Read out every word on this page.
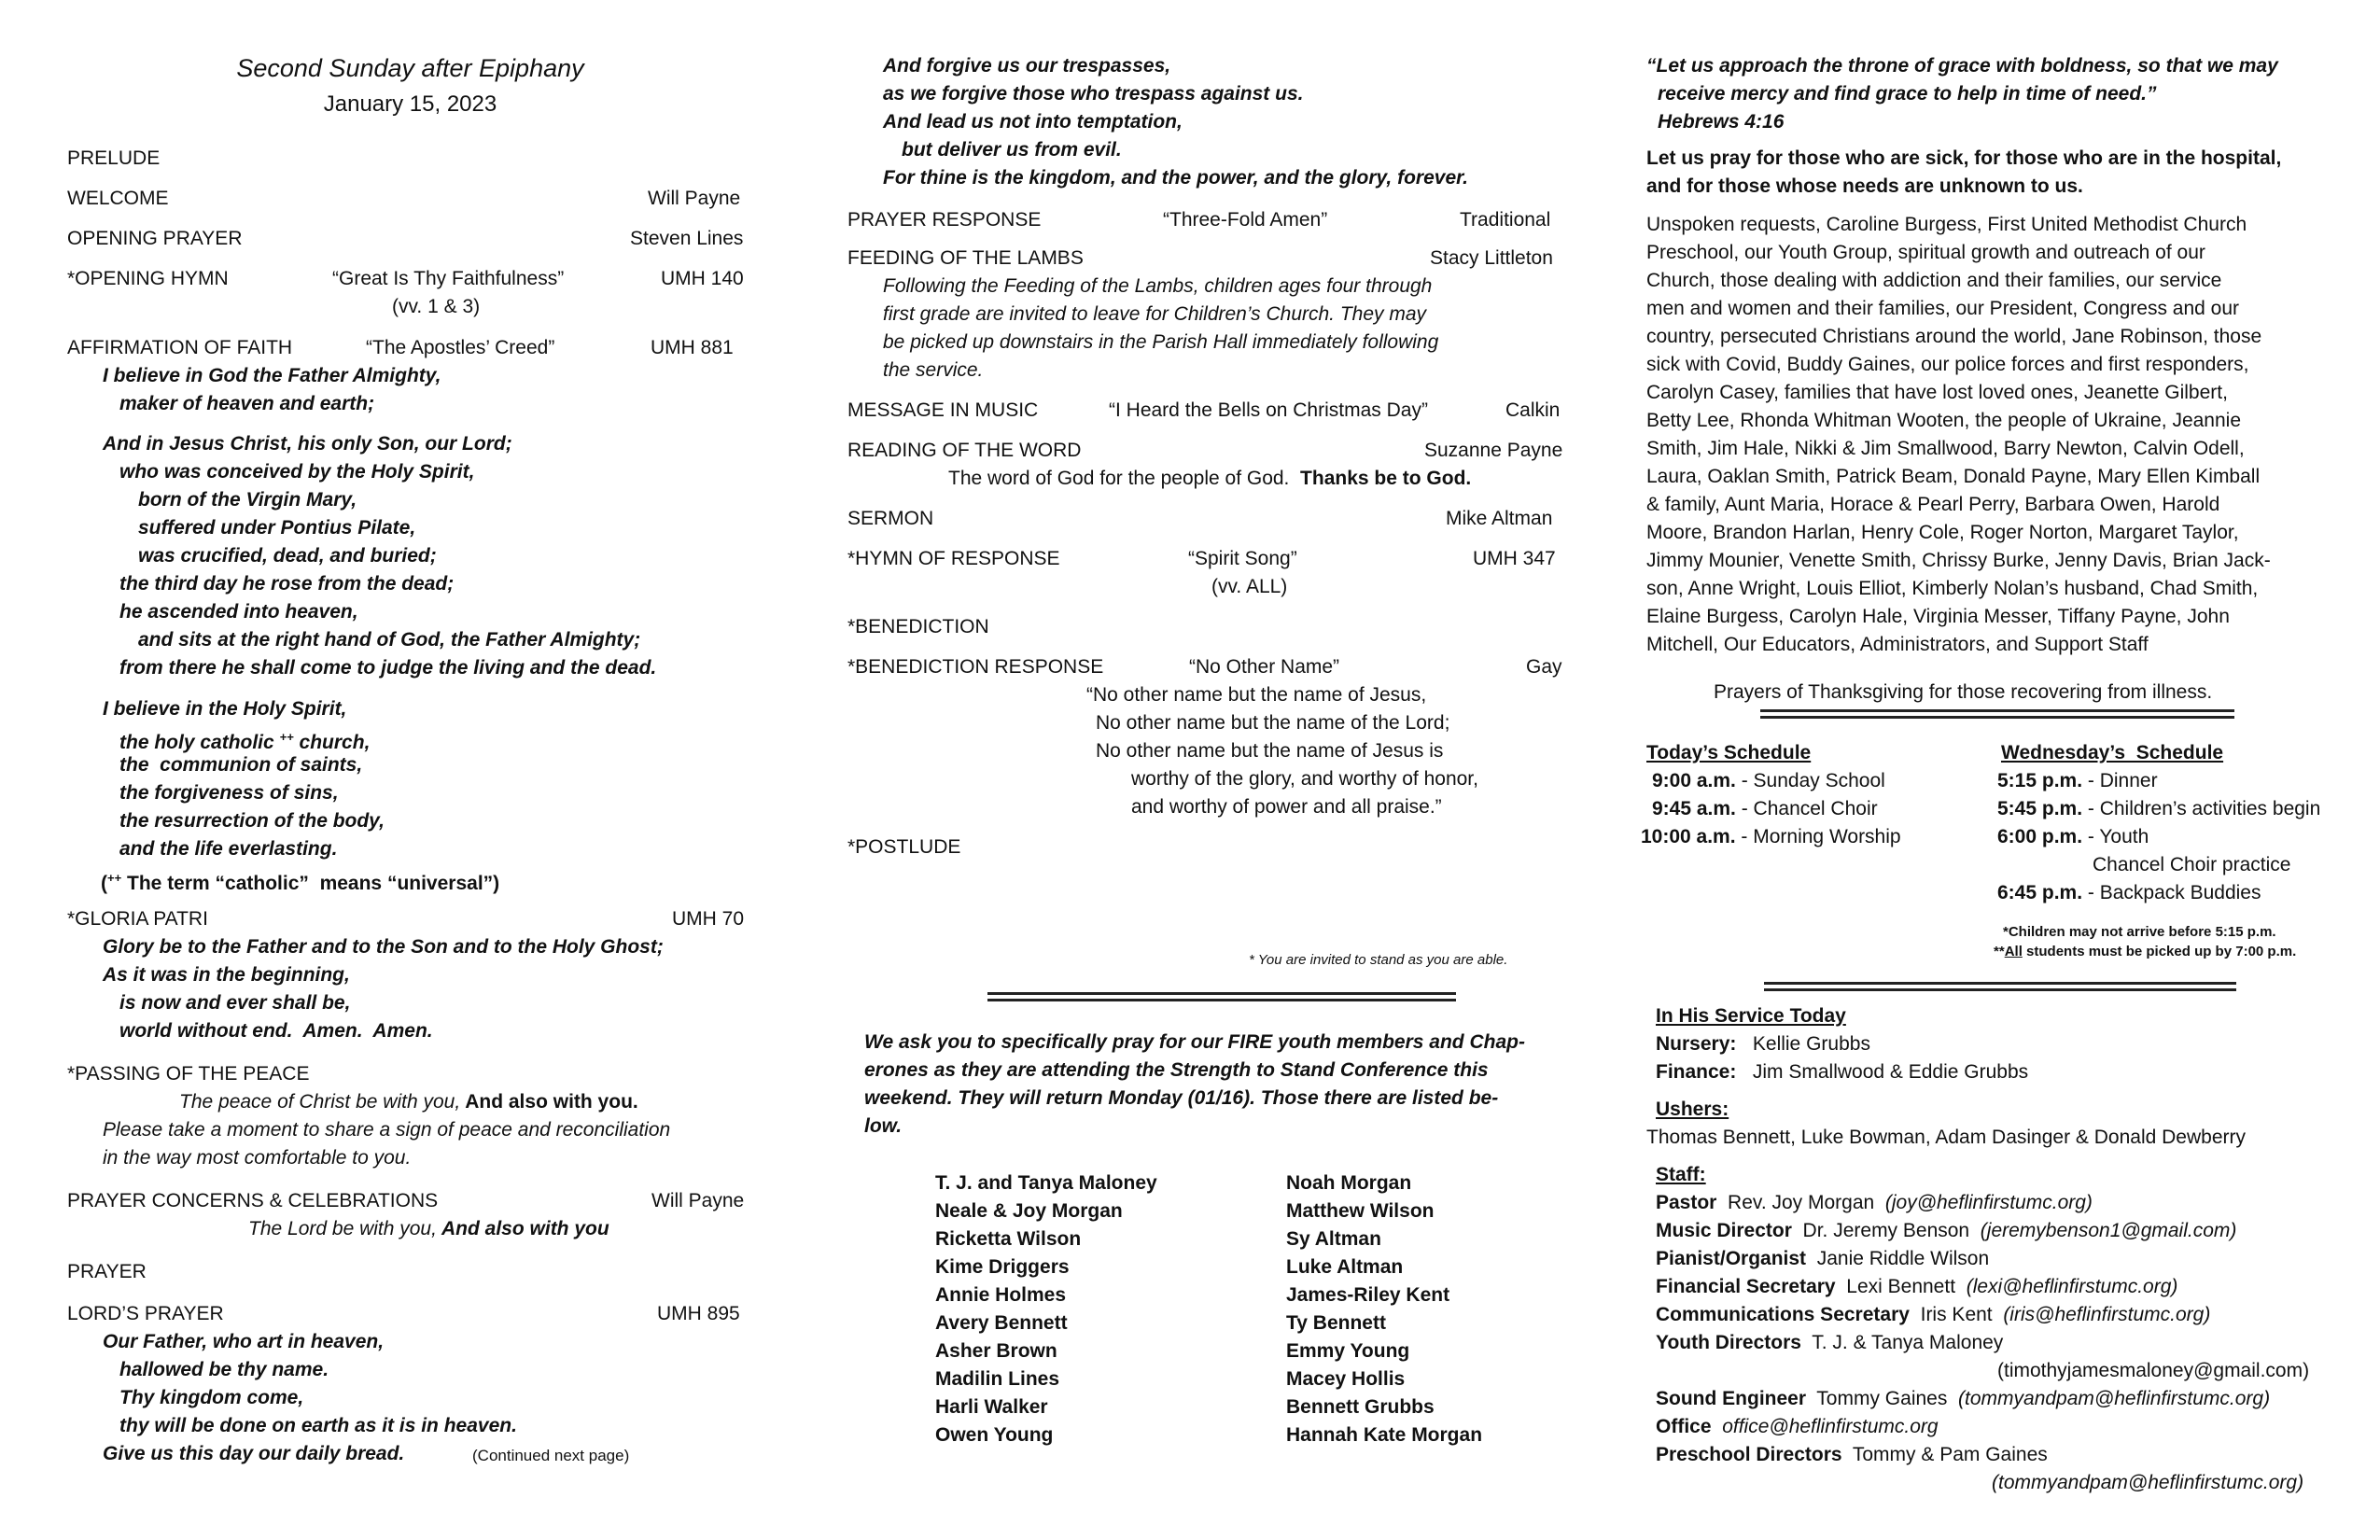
Second Sunday after Epiphany
January 15, 2023
PRELUDE
WELCOME	Will Payne
OPENING PRAYER	Steven Lines
*OPENING HYMN	“Great Is Thy Faithfulness”	UMH 140
(vv. 1 & 3)
AFFIRMATION OF FAITH	“The Apostles’ Creed”	UMH 881
I believe in God the Father Almighty,
maker of heaven and earth;
And in Jesus Christ, his only Son, our Lord;
who was conceived by the Holy Spirit,
born of the Virgin Mary,
suffered under Pontius Pilate,
was crucified, dead, and buried;
the third day he rose from the dead;
he ascended into heaven,
and sits at the right hand of God, the Father Almighty;
from there he shall come to judge the living and the dead.
I believe in the Holy Spirit,
the holy catholic ++ church,
the  communion of saints,
the forgiveness of sins,
the resurrection of the body,
and the life everlasting.
(++ The term “catholic”  means “universal”)
*GLORIA PATRI	UMH 70
Glory be to the Father and to the Son and to the Holy Ghost;
As it was in the beginning,
is now and ever shall be,
world without end.  Amen.  Amen.
*PASSING OF THE PEACE
The peace of Christ be with you, And also with you.
Please take a moment to share a sign of peace and reconciliation
in the way most comfortable to you.
PRAYER CONCERNS & CELEBRATIONS	Will Payne
The Lord be with you, And also with you
PRAYER
LORD’S PRAYER	UMH 895
Our Father, who art in heaven,
hallowed be thy name.
Thy kingdom come,
thy will be done on earth as it is in heaven.
Give us this day our daily bread.	(Continued next page)
And forgive us our trespasses,
as we forgive those who trespass against us.
And lead us not into temptation,
but deliver us from evil.
For thine is the kingdom, and the power, and the glory, forever.
PRAYER RESPONSE	“Three-Fold Amen”	Traditional
FEEDING OF THE LAMBS	Stacy Littleton
Following the Feeding of the Lambs, children ages four through
first grade are invited to leave for Children’s Church. They may
be picked up downstairs in the Parish Hall immediately following
the service.
MESSAGE IN MUSIC	“I Heard the Bells on Christmas Day”	Calkin
READING OF THE WORD	Suzanne Payne
The word of God for the people of God.  Thanks be to God.
SERMON	Mike Altman
*HYMN OF RESPONSE	“Spirit Song”	UMH 347
(vv. ALL)
*BENEDICTION
*BENEDICTION RESPONSE	“No Other Name”	Gay
“No other name but the name of Jesus,
No other name but the name of the Lord;
No other name but the name of Jesus is
worthy of the glory, and worthy of honor,
and worthy of power and all praise.”
*POSTLUDE
* You are invited to stand as you are able.
We ask you to specifically pray for our FIRE youth members and Chap-
erones as they are attending the Strength to Stand Conference this
weekend. They will return Monday (01/16). Those there are listed be-
low.
T. J. and Tanya Maloney
Neale & Joy Morgan
Ricketta Wilson
Kime Driggers
Annie Holmes
Avery Bennett
Asher Brown
Madilin Lines
Harli Walker
Owen Young
Noah Morgan
Matthew Wilson
Sy Altman
Luke Altman
James-Riley Kent
Ty Bennett
Emmy Young
Macey Hollis
Bennett Grubbs
Hannah Kate Morgan
“Let us approach the throne of grace with boldness, so that we may
receive mercy and find grace to help in time of need.”
Hebrews 4:16
Let us pray for those who are sick, for those who are in the hospital,
and for those whose needs are unknown to us.
Unspoken requests, Caroline Burgess, First United Methodist Church
Preschool, our Youth Group, spiritual growth and outreach of our
Church, those dealing with addiction and their families, our service
men and women and their families, our President, Congress and our
country, persecuted Christians around the world, Jane Robinson, those
sick with Covid, Buddy Gaines, our police forces and first responders,
Carolyn Casey, families that have lost loved ones, Jeanette Gilbert,
Betty Lee, Rhonda Whitman Wooten, the people of Ukraine, Jeannie
Smith, Jim Hale, Nikki & Jim Smallwood, Barry Newton, Calvin Odell,
Laura, Oaklan Smith, Patrick Beam, Donald Payne, Mary Ellen Kimball
& family, Aunt Maria, Horace & Pearl Perry, Barbara Owen, Harold
Moore, Brandon Harlan, Henry Cole, Roger Norton, Margaret Taylor,
Jimmy Mounier, Venette Smith, Chrissy Burke, Jenny Davis, Brian Jack-
son, Anne Wright, Louis Elliot, Kimberly Nolan’s husband, Chad Smith,
Elaine Burgess, Carolyn Hale, Virginia Messer, Tiffany Payne, John
Mitchell, Our Educators, Administrators, and Support Staff
Prayers of Thanksgiving for those recovering from illness.
Today’s Schedule
9:00 a.m. - Sunday School
9:45 a.m. - Chancel Choir
10:00 a.m. - Morning Worship
Wednesday’s  Schedule
5:15 p.m. - Dinner
5:45 p.m. - Children’s activities begin
6:00 p.m. - Youth
Chancel Choir practice
6:45 p.m. - Backpack Buddies
*Children may not arrive before 5:15 p.m.
**All students must be picked up by 7:00 p.m.
In His Service Today
Nursery:   Kellie Grubbs
Finance:   Jim Smallwood & Eddie Grubbs
Ushers:
Thomas Bennett, Luke Bowman, Adam Dasinger & Donald Dewberry
Staff:
Pastor  Rev. Joy Morgan  (joy@heflinfirstumc.org)
Music Director  Dr. Jeremy Benson  (jeremybenson1@gmail.com)
Pianist/Organist  Janie Riddle Wilson
Financial Secretary  Lexi Bennett  (lexi@heflinfirstumc.org)
Communications Secretary  Iris Kent  (iris@heflinfirstumc.org)
Youth Directors  T. J. & Tanya Maloney
(timothyjamesmaloney@gmail.com)
Sound Engineer  Tommy Gaines  (tommyandpam@heflinfirstumc.org)
Office office@heflinfirstumc.org
Preschool Directors  Tommy & Pam Gaines
(tommyandpam@heflinfirstumc.org)
